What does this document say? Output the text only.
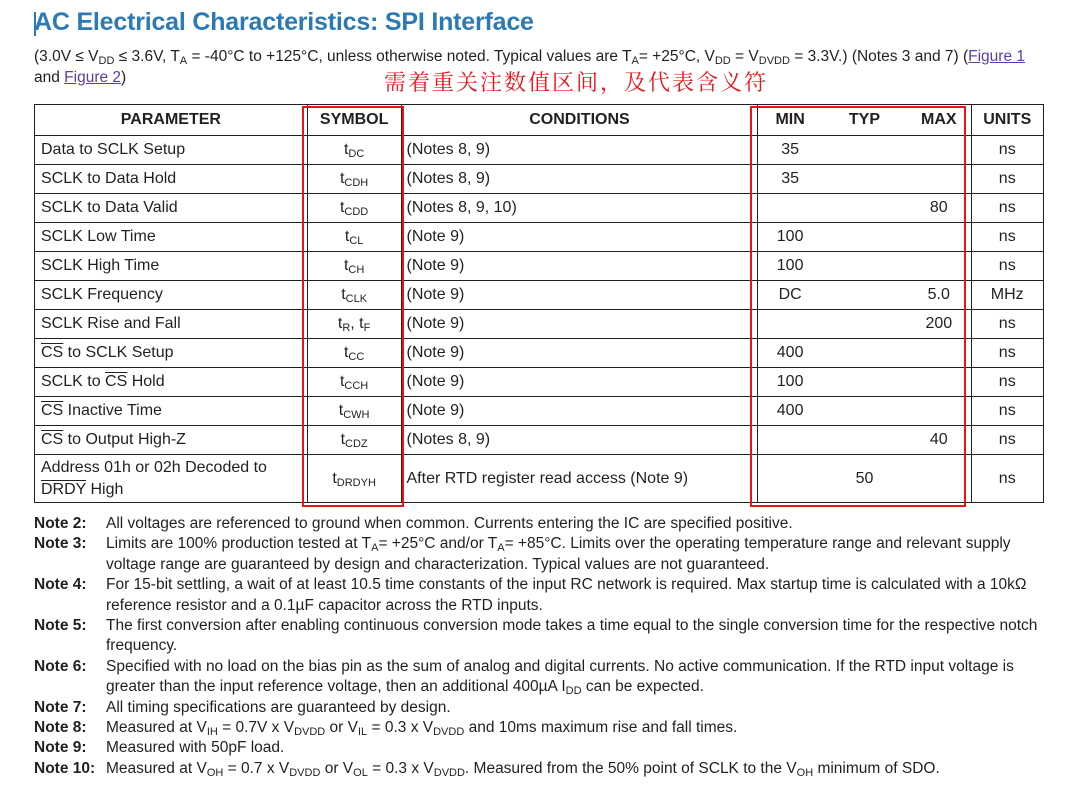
AC Electrical Characteristics: SPI Interface
($3.0V \le V_{DD} \le 3.6V$, $T_A = -40^\circ C$ to +125°C, unless otherwise noted. Typical values are $T_A= +25^\circ C$, $V_{DD} = V_{DVDD} = 3.3V$.) (Notes 3 and 7) (Figure 1 and Figure 2)	需着重关注数值区间，及代表含义符
PARAMETER	SYMBOL	CONDITIONS	MIN	TYP	MAX	UNITS
Data to SCLK Setup	$t_{DC}$	(Notes 8, 9)	35			ns
SCLK to Data Hold	$t_{CDH}$	(Notes 8, 9)	35			ns
SCLK to Data Valid	$t_{CDD}$	(Notes 8, 9, 10)			80	ns
SCLK Low Time	$t_{CL}$	(Note 9)	100			ns
SCLK High Time	$t_{CH}$	(Note 9)	100			ns
SCLK Frequency	$t_{CLK}$	(Note 9)	DC		5.0	MHz
SCLK Rise and Fall	$t_R$, $t_F$	(Note 9)			200	ns
$\overline{CS}$ to SCLK Setup	$t_{CC}$	(Note 9)	400			ns
SCLK to $\overline{CS}$ Hold	$t_{CCH}$	(Note 9)	100			ns
$\overline{CS}$ Inactive Time	$t_{CWH}$	(Note 9)	400			ns
$\overline{CS}$ to Output High-Z	$t_{CDZ}$	(Notes 8, 9)			40	ns
Address 01h or 02h Decoded to
DRDY High	$t_{DRDYH}$	After RTD register read access (Note 9)		50		ns
Note 2:	All voltages are referenced to ground when common. Currents entering the IC are specified positive.
Note 3:	Limits are 100% production tested at $T_A= +25^\circ C$ and/or $T_A= +85^\circ C$. Limits over the operating temperature range and relevant supply voltage range are guaranteed by design and characterization. Typical values are not guaranteed.
Note 4:	For 15-bit settling, a wait of at least 10.5 time constants of the input RC network is required. Max startup time is calculated with a 10kΩ reference resistor and a 0.1µF capacitor across the RTD inputs.
Note 5:	The first conversion after enabling continuous conversion mode takes a time equal to the single conversion time for the respective notch frequency.
Note 6:	Specified with no load on the bias pin as the sum of analog and digital currents. No active communication. If the RTD input voltage is greater than the input reference voltage, then an additional 400µA $I_{DD}$ can be expected.
Note 7:	All timing specifications are guaranteed by design.
Note 8:	Measured at $V_{IH} = 0.7V$ x $V_{DVDD}$ or $V_{IL} = 0.3$ x $V_{DVDD}$ and 10ms maximum rise and fall times.
Note 9:	Measured with 50pF load.
Note 10: Measured at $V_{OH} = 0.7$ x $V_{DVDD}$ or $V_{OL} = 0.3$ x $V_{DVDD}$. Measured from the 50% point of SCLK to the $V_{OH}$ minimum of SDO.
